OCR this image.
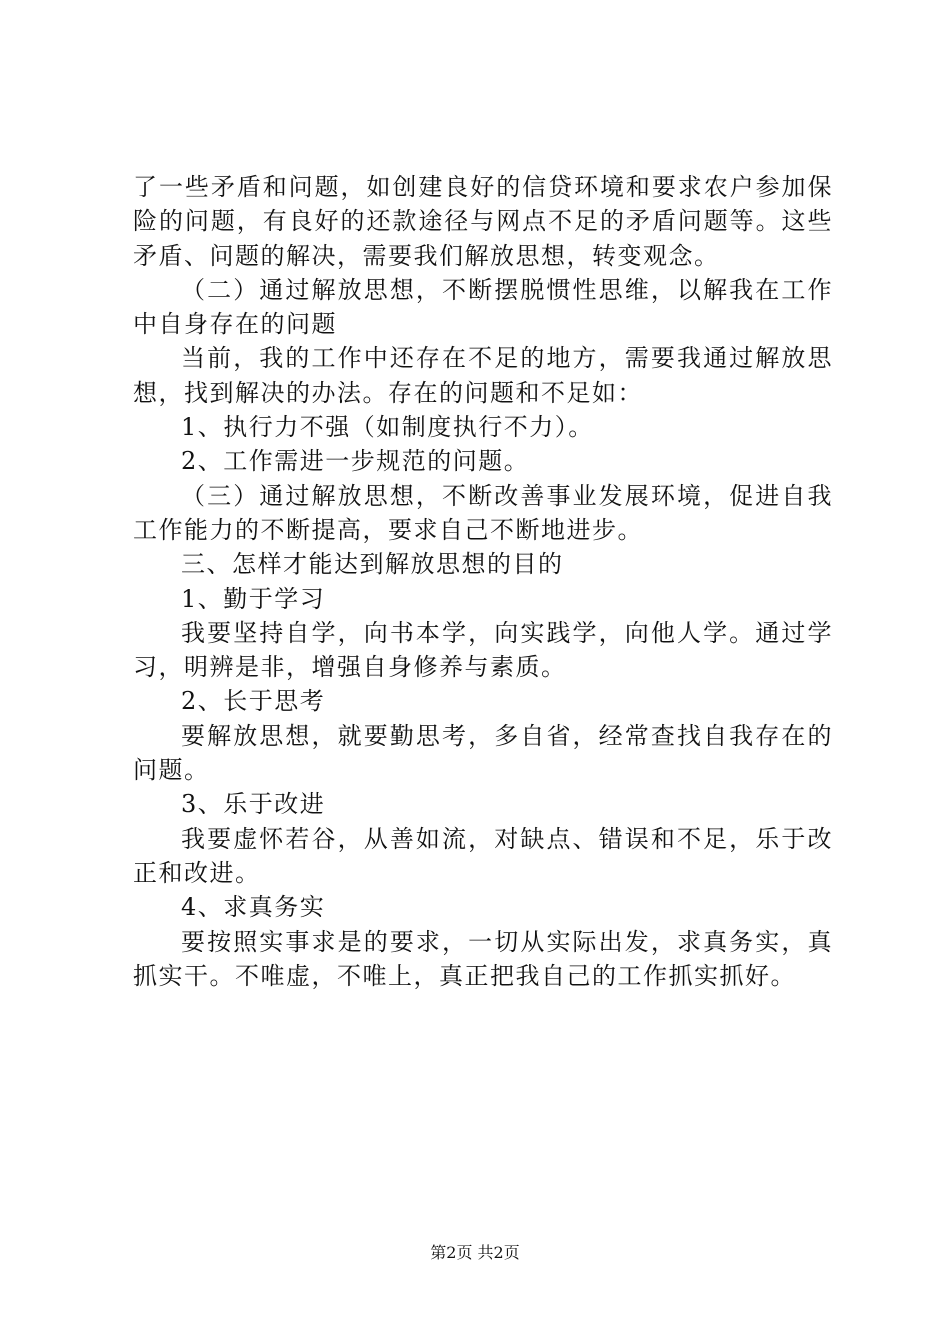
了一些矛盾和问题，如创建良好的信贷环境和要求农户参加保险的问题，有良好的还款途径与网点不足的矛盾问题等。这些矛盾、问题的解决，需要我们解放思想，转变观念。

（二）通过解放思想，不断摆脱惯性思维，以解我在工作中自身存在的问题

当前，我的工作中还存在不足的地方，需要我通过解放思想，找到解决的办法。存在的问题和不足如：

1、执行力不强（如制度执行不力）。

2、工作需进一步规范的问题。

（三）通过解放思想，不断改善事业发展环境，促进自我工作能力的不断提高，要求自己不断地进步。

三、怎样才能达到解放思想的目的

1、勤于学习

我要坚持自学，向书本学，向实践学，向他人学。通过学习，明辨是非，增强自身修养与素质。

2、长于思考

要解放思想，就要勤思考，多自省，经常查找自我存在的问题。

3、乐于改进

我要虚怀若谷，从善如流，对缺点、错误和不足，乐于改正和改进。

4、求真务实

要按照实事求是的要求，一切从实际出发，求真务实，真抓实干。不唯虚，不唯上，真正把我自己的工作抓实抓好。

第2页 共2页
